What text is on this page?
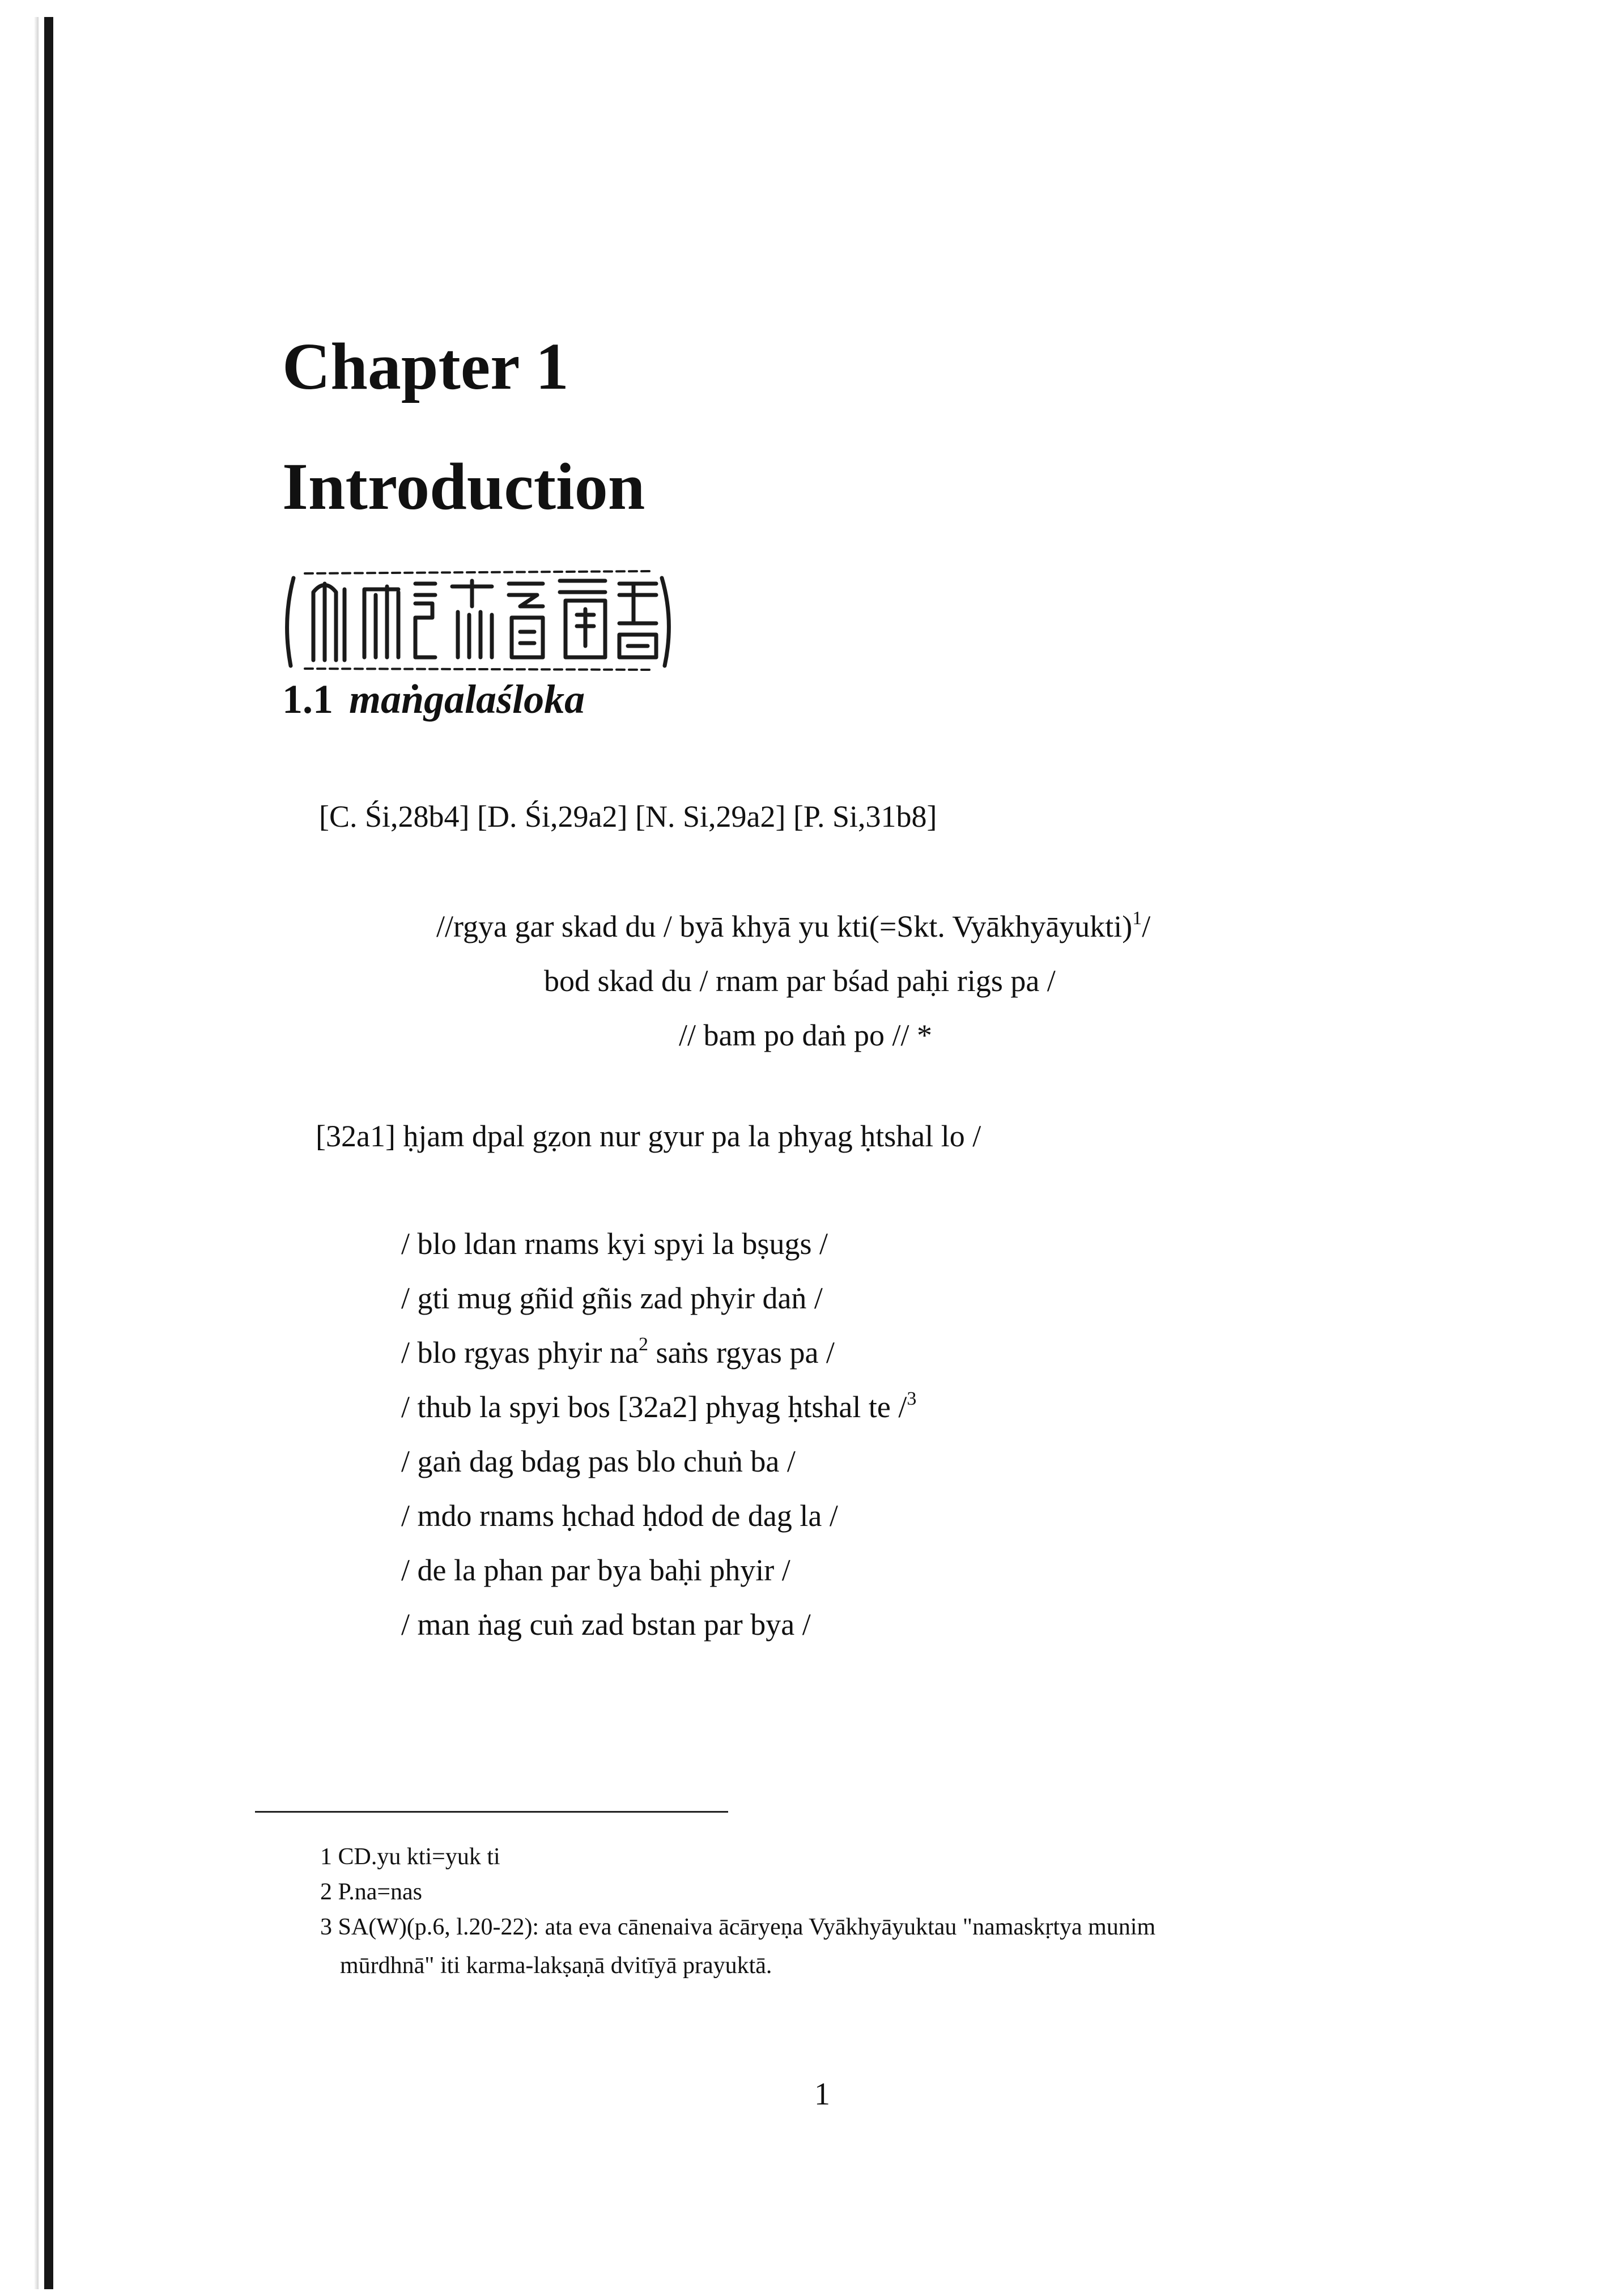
Chapter 1
Introduction
1.1 maṅgalaśloka
[C. Śi,28b4] [D. Śi,29a2] [N. Si,29a2] [P. Si,31b8]
//rgya gar skad du / byā khyā yu kti(=Skt. Vyākhyāyukti)$^1$/
bod skad du / rnam par bśad paḥi rigs pa /
// bam po daṅ po // *
[32a1] ḥjam dpal gẓon nur gyur pa la phyag ḥtshal lo /
/ blo ldan rnams kyi spyi la bṣugs /
/ gti mug gñid gñis zad phyir daṅ /
/ blo rgyas phyir $na^2$ saṅs rgyas pa /
/ thub la spyi bos [32a2] phyag ḥtshal te /$^3$
/ gaṅ dag bdag pas blo chuṅ ba /
/ mdo rnams ḥchad ḥdod de dag la /
/ de la phan par bya baḥi phyir /
/ man ṅag cuṅ zad bstan par bya /
1 CD.yu kti=yuk ti
2 P.na=nas
3 SA(W)(p.6, l.20-22): ata eva cānenaiva ācāryeṇa Vyākhyāyuktau "namaskṛtya munim
mūrdhnā" iti karma-lakṣaṇā dvitīyā prayuktā.
1
